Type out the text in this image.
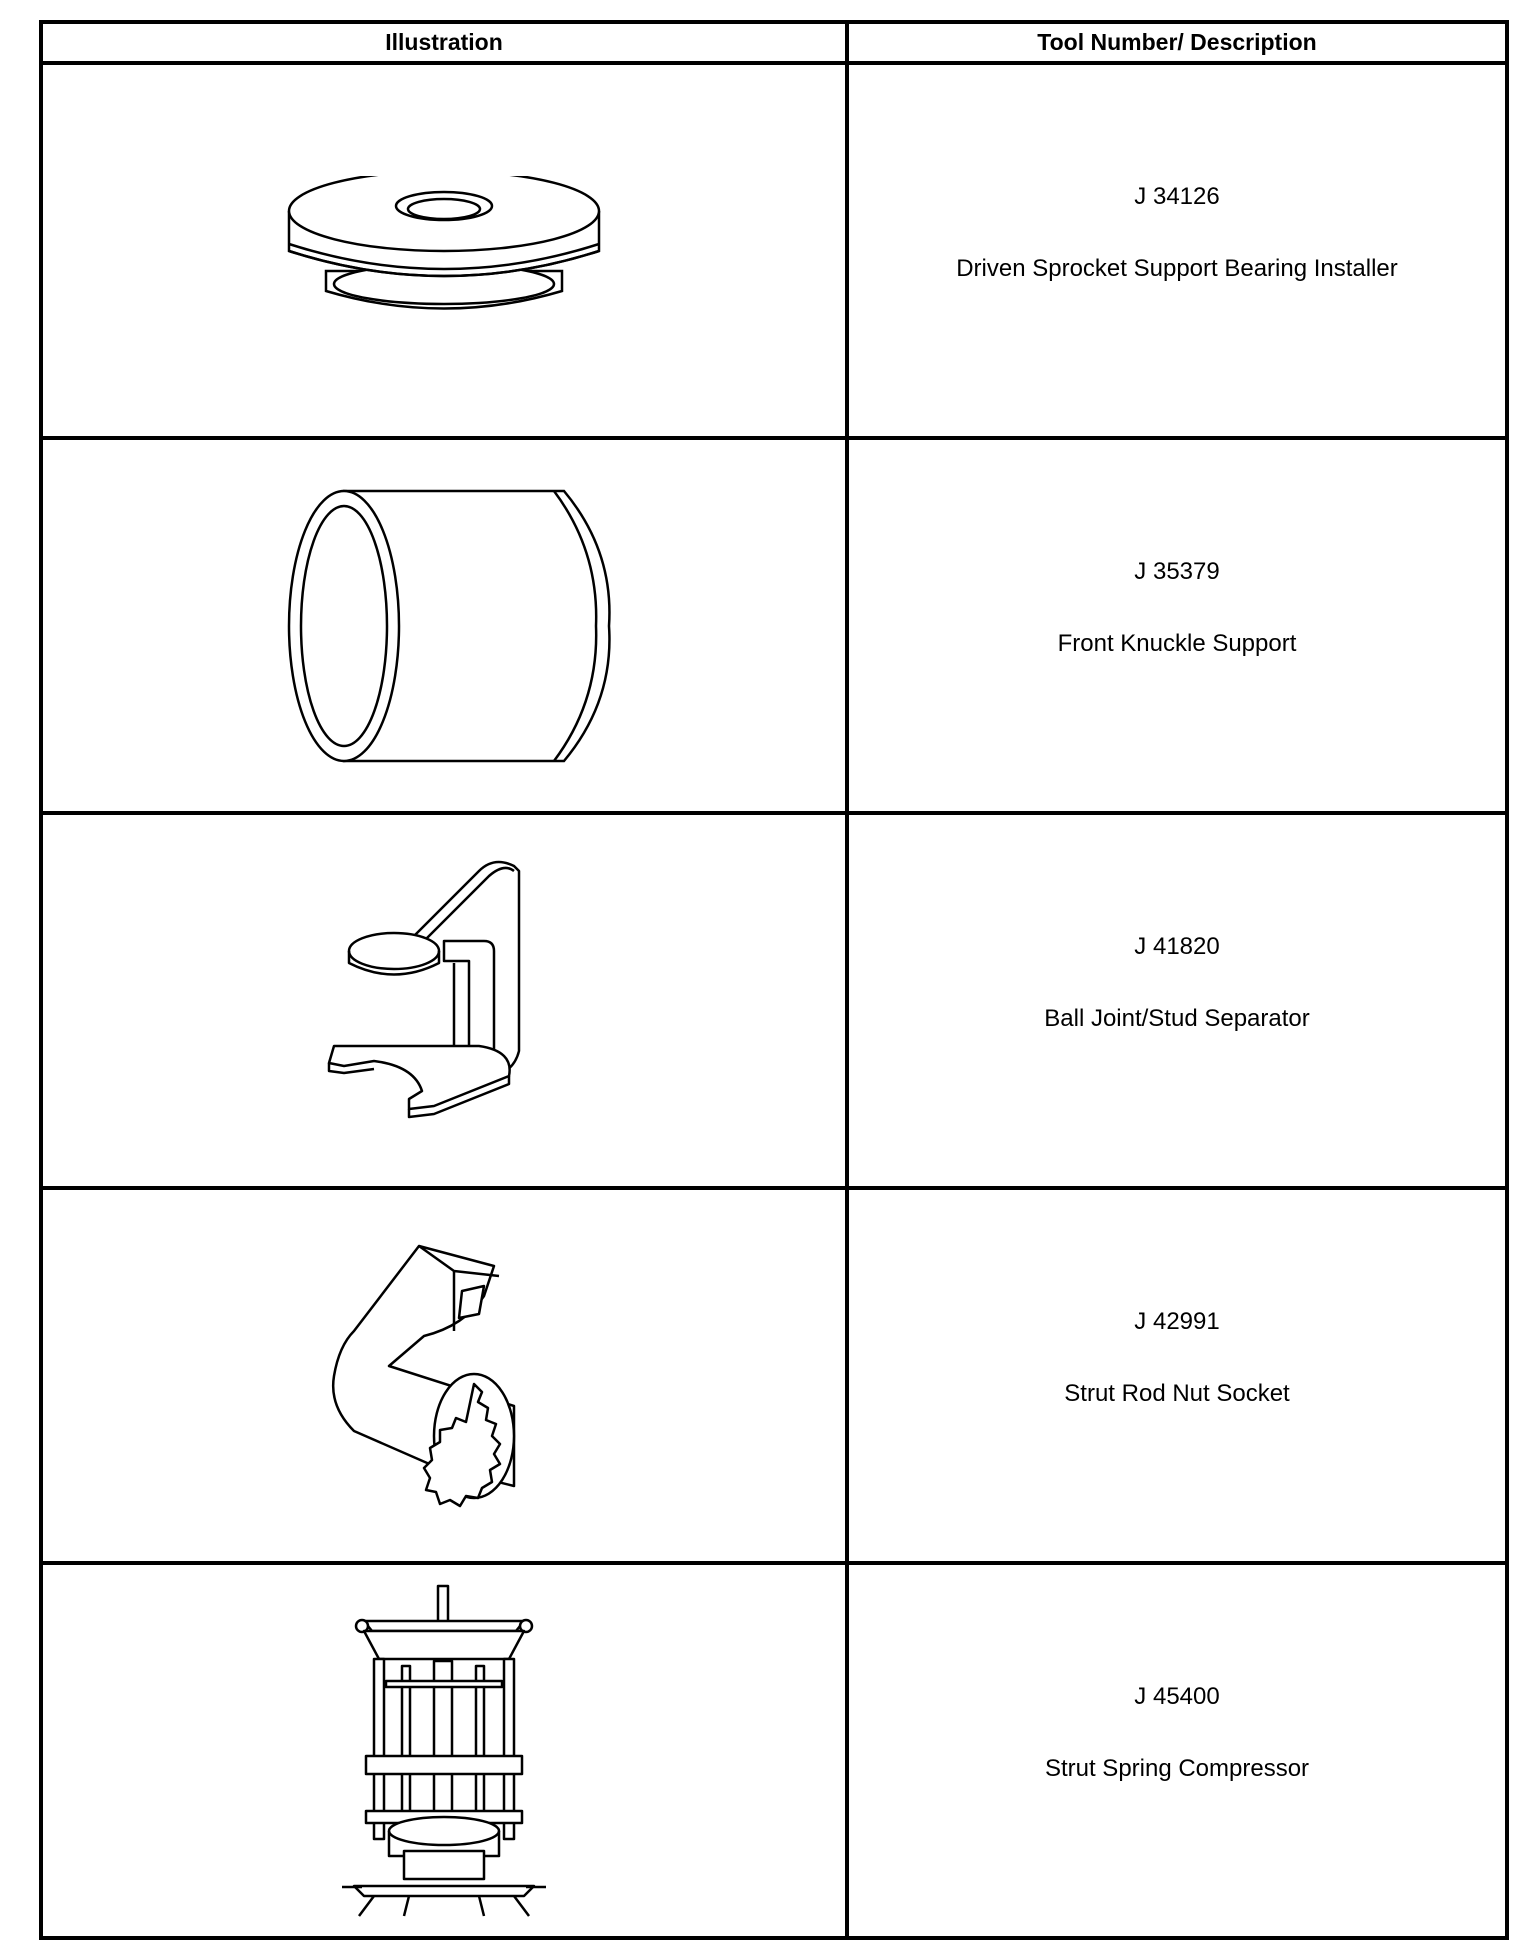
Illustration	Tool Number/ Description

J 34126
Driven Sprocket Support Bearing Installer

J 35379
Front Knuckle Support

J 41820
Ball Joint/Stud Separator

J 42991
Strut Rod Nut Socket

J 45400
Strut Spring Compressor
